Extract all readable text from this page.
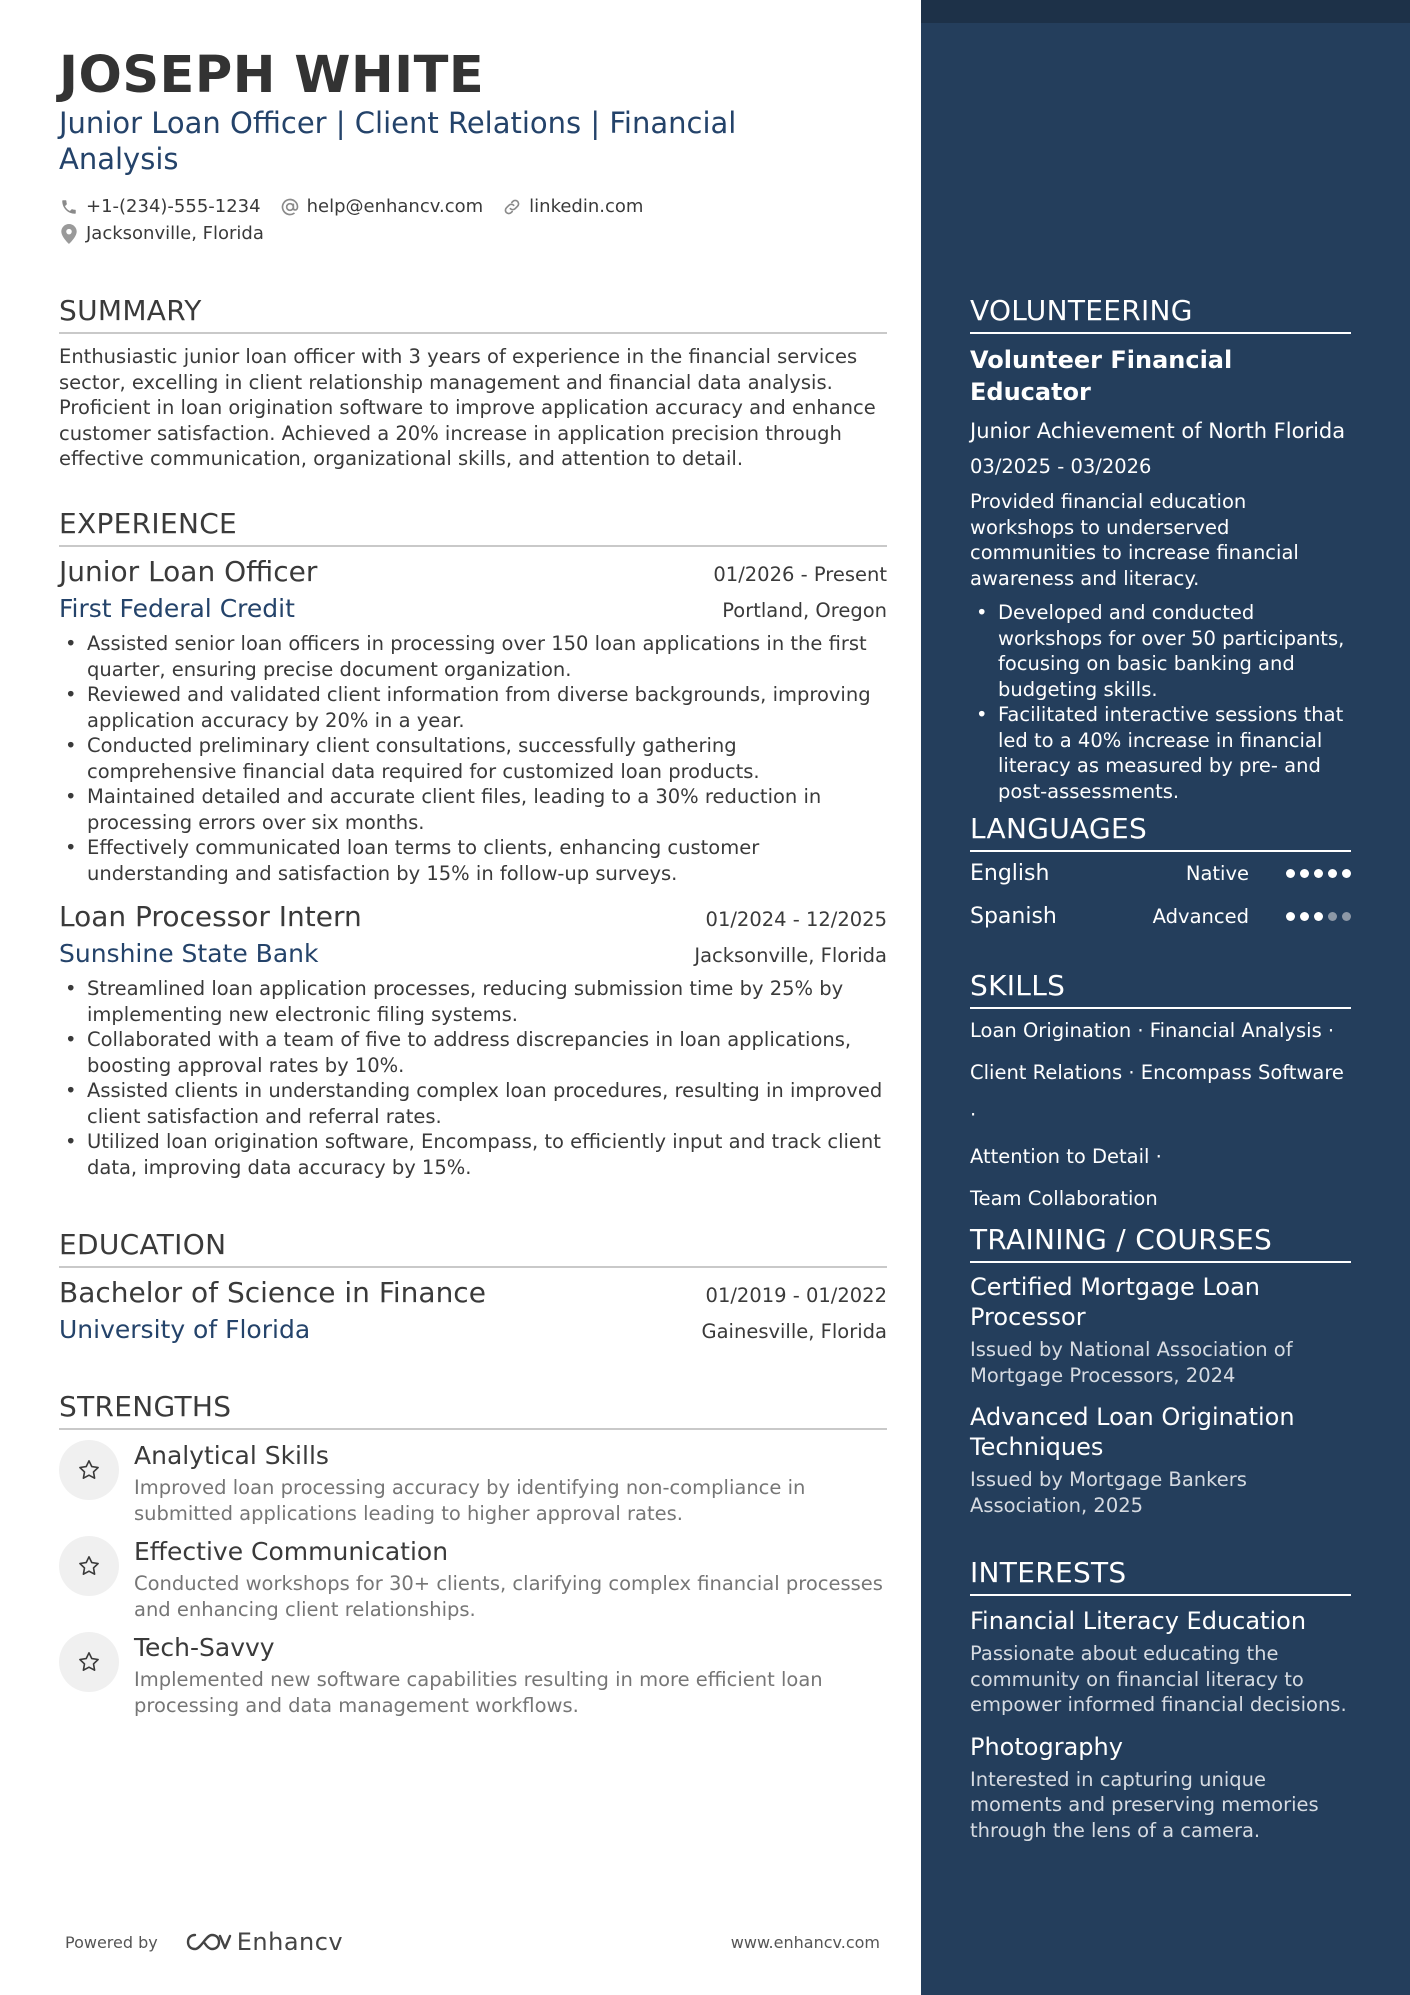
JOSEPH WHITE
Junior Loan Officer | Client Relations | Financial Analysis
+1-(234)-555-1234	help@enhancv.com	linkedin.com
Jacksonville, Florida
SUMMARY
Enthusiastic junior loan officer with 3 years of experience in the financial services sector, excelling in client relationship management and financial data analysis. Proficient in loan origination software to improve application accuracy and enhance customer satisfaction. Achieved a 20% increase in application precision through effective communication, organizational skills, and attention to detail.
EXPERIENCE
Junior Loan Officer	01/2026 - Present
First Federal Credit	Portland, Oregon
• Assisted senior loan officers in processing over 150 loan applications in the first quarter, ensuring precise document organization.
• Reviewed and validated client information from diverse backgrounds, improving application accuracy by 20% in a year.
• Conducted preliminary client consultations, successfully gathering comprehensive financial data required for customized loan products.
• Maintained detailed and accurate client files, leading to a 30% reduction in processing errors over six months.
• Effectively communicated loan terms to clients, enhancing customer understanding and satisfaction by 15% in follow-up surveys.
Loan Processor Intern	01/2024 - 12/2025
Sunshine State Bank	Jacksonville, Florida
• Streamlined loan application processes, reducing submission time by 25% by implementing new electronic filing systems.
• Collaborated with a team of five to address discrepancies in loan applications, boosting approval rates by 10%.
• Assisted clients in understanding complex loan procedures, resulting in improved client satisfaction and referral rates.
• Utilized loan origination software, Encompass, to efficiently input and track client data, improving data accuracy by 15%.
EDUCATION
Bachelor of Science in Finance	01/2019 - 01/2022
University of Florida	Gainesville, Florida
STRENGTHS
Analytical Skills
Improved loan processing accuracy by identifying non-compliance in submitted applications leading to higher approval rates.
Effective Communication
Conducted workshops for 30+ clients, clarifying complex financial processes and enhancing client relationships.
Tech-Savvy
Implemented new software capabilities resulting in more efficient loan processing and data management workflows.
Powered by	Enhancv	www.enhancv.com
VOLUNTEERING
Volunteer Financial Educator
Junior Achievement of North Florida
03/2025 - 03/2026
Provided financial education workshops to underserved communities to increase financial awareness and literacy.
• Developed and conducted workshops for over 50 participants, focusing on basic banking and budgeting skills.
• Facilitated interactive sessions that led to a 40% increase in financial literacy as measured by pre- and post-assessments.
LANGUAGES
English	Native
Spanish	Advanced
SKILLS
Loan Origination · Financial Analysis ·
Client Relations · Encompass Software ·
Attention to Detail ·
Team Collaboration
TRAINING / COURSES
Certified Mortgage Loan Processor
Issued by National Association of Mortgage Processors, 2024
Advanced Loan Origination Techniques
Issued by Mortgage Bankers Association, 2025
INTERESTS
Financial Literacy Education
Passionate about educating the community on financial literacy to empower informed financial decisions.
Photography
Interested in capturing unique moments and preserving memories through the lens of a camera.
